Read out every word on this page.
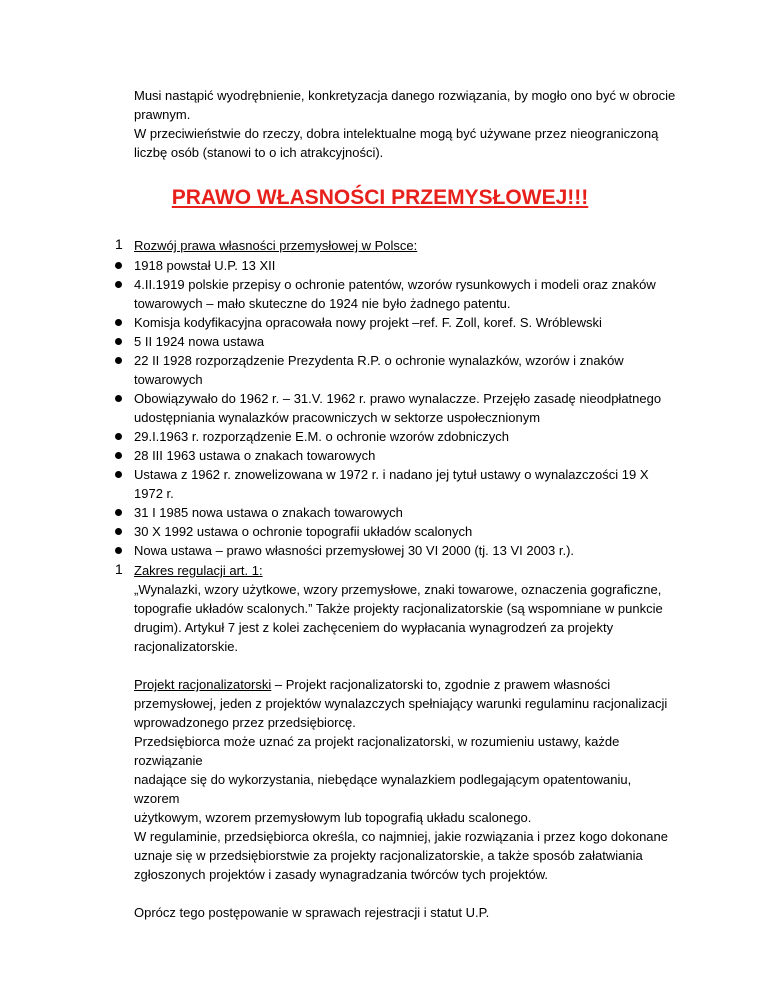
Musi nastąpić wyodrębnienie, konkretyzacja danego rozwiązania, by mogło ono być w obrocie

prawnym.

W przeciwieństwie do rzeczy, dobra intelektualne mogą być używane przez nieograniczoną

liczbę osób (stanowi to o ich atrakcyjności).

PRAWO WŁASNOŚCI PRZEMYSŁOWEJ!!!
1 Rozwój prawa własności przemysłowej w Polsce:
1918 powstał U.P. 13 XII
4.II.1919 polskie przepisy o ochronie patentów, wzorów rysunkowych i modeli oraz znaków
towarowych – mało skuteczne do 1924 nie było żadnego patentu.
Komisja kodyfikacyjna opracowała nowy projekt –ref. F. Zoll, koref. S. Wróblewski
5 II 1924 nowa ustawa
22 II 1928 rozporządzenie Prezydenta R.P. o ochronie wynalazków, wzorów i znaków
towarowych
Obowiązywało do 1962 r. – 31.V. 1962 r. prawo wynalaczze. Przejęło zasadę nieodpłatnego
udostępniania wynalazków pracowniczych w sektorze uspołecznionym
29.I.1963 r. rozporządzenie E.M. o ochronie wzorów zdobniczych
28 III 1963 ustawa o znakach towarowych
Ustawa z 1962 r. znowelizowana w 1972 r. i nadano jej tytuł ustawy o wynalazczości 19 X 1972 r.
31 I 1985 nowa ustawa o znakach towarowych
30 X 1992 ustawa o ochronie topografii układów scalonych
Nowa ustawa – prawo własności przemysłowej 30 VI 2000 (tj. 13 VI 2003 r.).
1 Zakres regulacji art. 1:

„Wynalazki, wzory użytkowe, wzory przemysłowe, znaki towarowe, oznaczenia gograficzne,

topografie układów scalonych.” Także projekty racjonalizatorskie (są wspomniane w punkcie

drugim). Artykuł 7 jest z kolei zachęceniem do wypłacania wynagrodzeń za projekty

racjonalizatorskie.

Projekt racjonalizatorski – Projekt racjonalizatorski to, zgodnie z prawem własności

przemysłowej, jeden z projektów wynalazczych spełniający warunki regulaminu racjonalizacji

wprowadzonego przez przedsiębiorcę.

Przedsiębiorca może uznać za projekt racjonalizatorski, w rozumieniu ustawy, każde rozwiązanie

nadające się do wykorzystania, niebędące wynalazkiem podlegającym opatentowaniu, wzorem

użytkowym, wzorem przemysłowym lub topografią układu scalonego.

W regulaminie, przedsiębiorca określa, co najmniej, jakie rozwiązania i przez kogo dokonane

uznaje się w przedsiębiorstwie za projekty racjonalizatorskie, a także sposób załatwiania

zgłoszonych projektów i zasady wynagradzania twórców tych projektów.

Oprócz tego postępowanie w sprawach rejestracji i statut U.P.
